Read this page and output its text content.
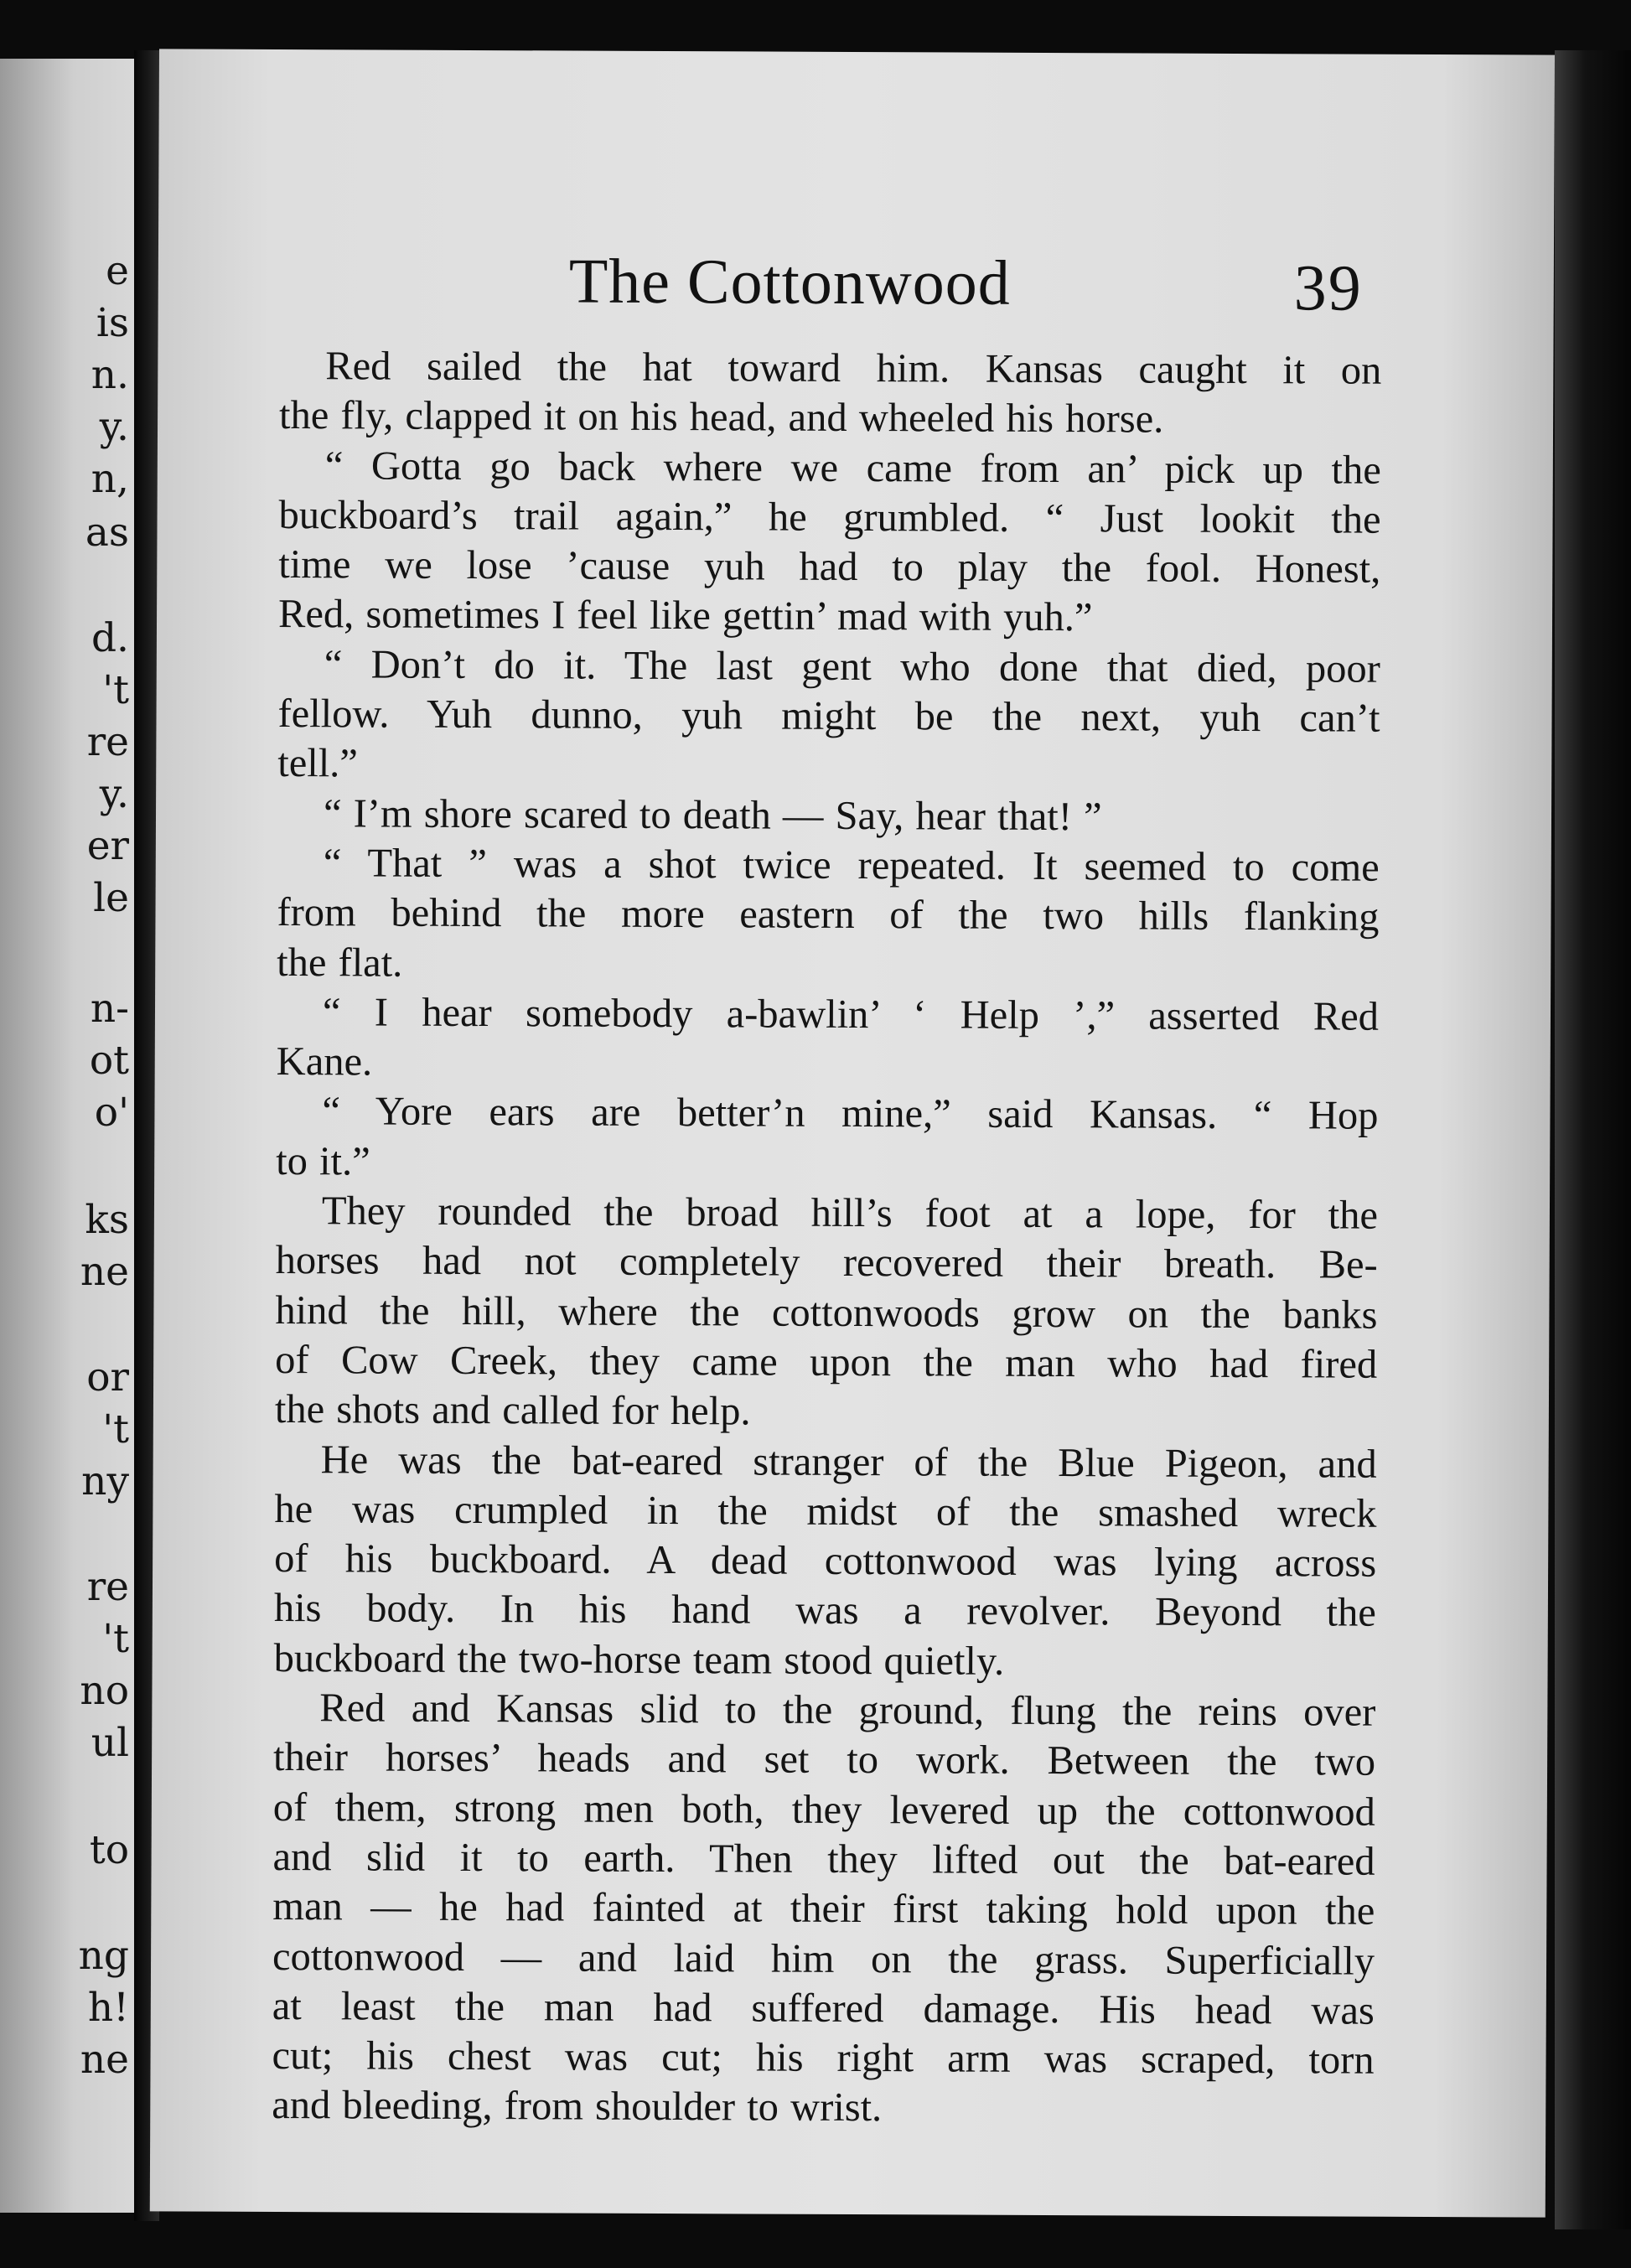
e
is
n.
y.
n,
as
d.
't
re
y.
er
le
n-
ot
o'
ks
ne
or
't
ny
re
't
no
ul
to
ng
h!
ne
The Cottonwood	39
Red sailed the hat toward him. Kansas caught it on
the fly, clapped it on his head, and wheeled his horse.
“ Gotta go back where we came from an’ pick up the
buckboard’s trail again,” he grumbled. “ Just lookit the
time we lose ’cause yuh had to play the fool. Honest,
Red, sometimes I feel like gettin’ mad with yuh.”
“ Don’t do it. The last gent who done that died, poor
fellow. Yuh dunno, yuh might be the next, yuh can’t
tell.”
“ I’m shore scared to death — Say, hear that! ”
“ That ” was a shot twice repeated. It seemed to come
from behind the more eastern of the two hills flanking
the flat.
“ I hear somebody a-bawlin’ ‘ Help ’,” asserted Red
Kane.
“ Yore ears are better’n mine,” said Kansas. “ Hop
to it.”
They rounded the broad hill’s foot at a lope, for the
horses had not completely recovered their breath. Be-
hind the hill, where the cottonwoods grow on the banks
of Cow Creek, they came upon the man who had fired
the shots and called for help.
He was the bat-eared stranger of the Blue Pigeon, and
he was crumpled in the midst of the smashed wreck
of his buckboard. A dead cottonwood was lying across
his body. In his hand was a revolver. Beyond the
buckboard the two-horse team stood quietly.
Red and Kansas slid to the ground, flung the reins over
their horses’ heads and set to work. Between the two
of them, strong men both, they levered up the cottonwood
and slid it to earth. Then they lifted out the bat-eared
man — he had fainted at their first taking hold upon the
cottonwood — and laid him on the grass. Superficially
at least the man had suffered damage. His head was
cut; his chest was cut; his right arm was scraped, torn
and bleeding, from shoulder to wrist.
